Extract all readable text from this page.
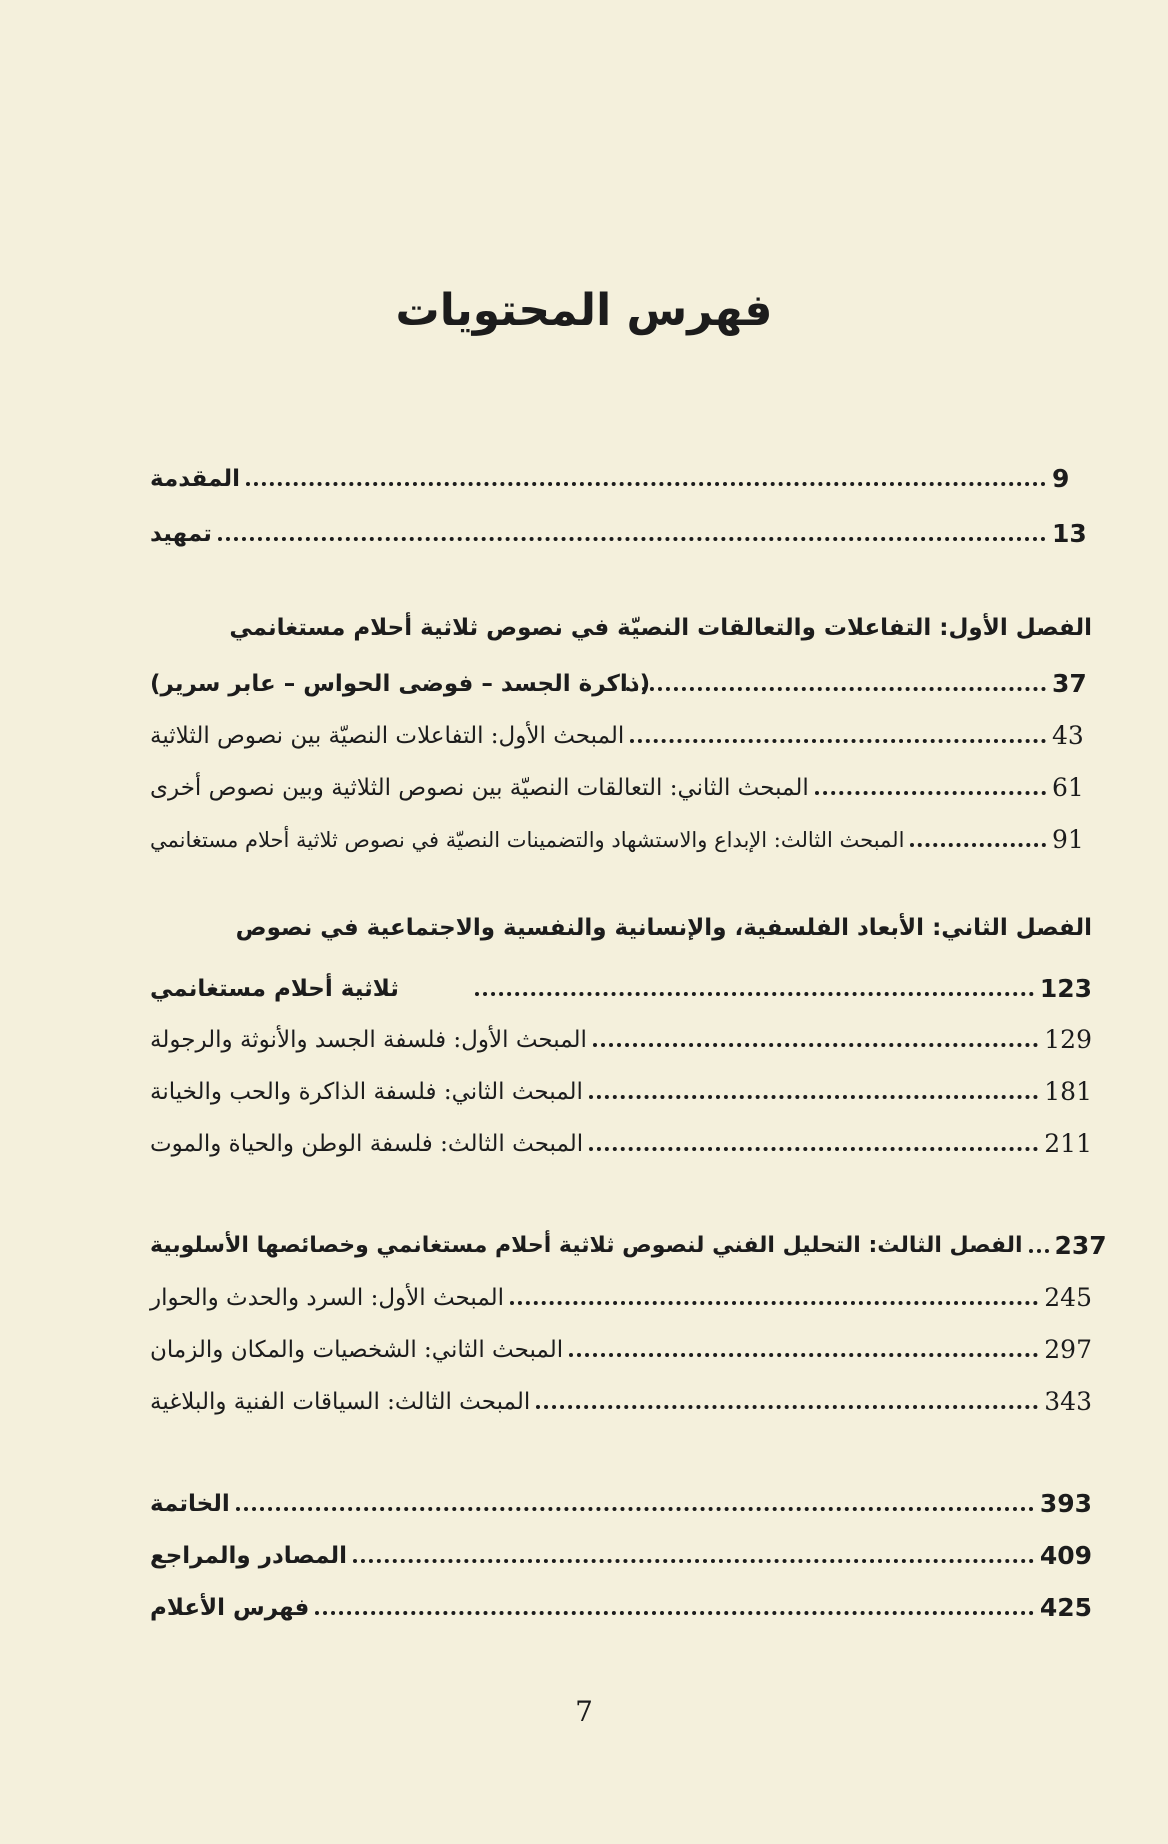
فهرس المحتويات
المقدمة	9
تمهيد	13
الفصل الأول: التفاعلات والتعالقات النصيّة في نصوص ثلاثية أحلام مستغانمي
(ذاكرة الجسد – فوضى الحواس – عابر سرير)	37
المبحث الأول: التفاعلات النصيّة بين نصوص الثلاثية	43
المبحث الثاني: التعالقات النصيّة بين نصوص الثلاثية وبين نصوص أخرى	61
المبحث الثالث: الإبداع والاستشهاد والتضمينات النصيّة في نصوص ثلاثية أحلام مستغانمي	91
الفصل الثاني: الأبعاد الفلسفية، والإنسانية والنفسية والاجتماعية في نصوص
ثلاثية أحلام مستغانمي	123
المبحث الأول: فلسفة الجسد والأنوثة والرجولة	129
المبحث الثاني: فلسفة الذاكرة والحب والخيانة	181
المبحث الثالث: فلسفة الوطن والحياة والموت	211
الفصل الثالث: التحليل الفني لنصوص ثلاثية أحلام مستغانمي وخصائصها الأسلوبية 237
المبحث الأول: السرد والحدث والحوار	245
المبحث الثاني: الشخصيات والمكان والزمان	297
المبحث الثالث: السياقات الفنية والبلاغية	343
الخاتمة	393
المصادر والمراجع	409
فهرس الأعلام	425
7
